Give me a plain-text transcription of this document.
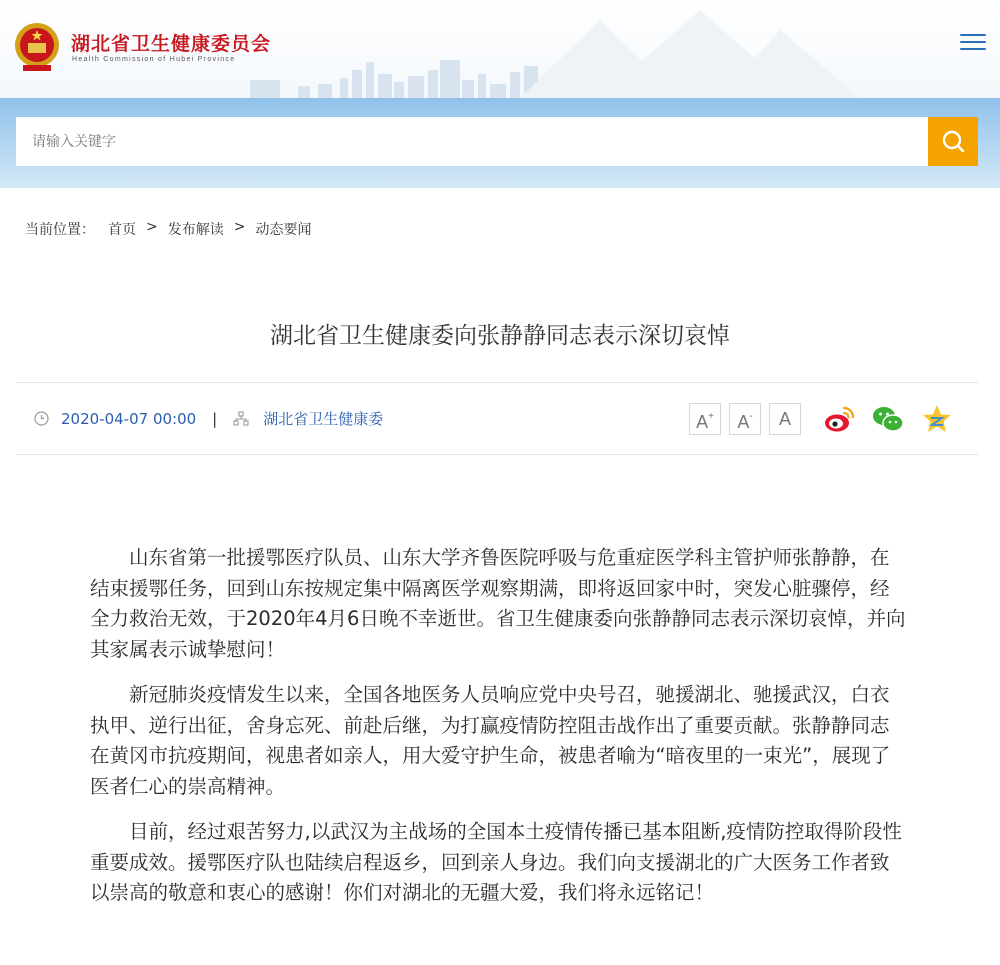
湖北省卫生健康委员会
Health Commission of Hubei Province
请输入关键字
当前位置： 首页 > 发布解读 > 动态要闻
湖北省卫生健康委向张静静同志表示深切哀悼
2020-04-07 00:00 |	湖北省卫生健康委	A+	A-	A

山东省第一批援鄂医疗队员、山东大学齐鲁医院呼吸与危重症医学科主管护师张静静，在结束援鄂任务，回到山东按规定集中隔离医学观察期满，即将返回家中时，突发心脏骤停，经全力救治无效，于2020年4月6日晚不幸逝世。省卫生健康委向张静静同志表示深切哀悼，并向其家属表示诚挚慰问！

新冠肺炎疫情发生以来，全国各地医务人员响应党中央号召，驰援湖北、驰援武汉，白衣执甲、逆行出征，舍身忘死、前赴后继，为打赢疫情防控阻击战作出了重要贡献。张静静同志在黄冈市抗疫期间，视患者如亲人，用大爱守护生命，被患者喻为“暗夜里的一束光”，展现了医者仁心的崇高精神。

目前，经过艰苦努力,以武汉为主战场的全国本土疫情传播已基本阻断,疫情防控取得阶段性重要成效。援鄂医疗队也陆续启程返乡，回到亲人身边。我们向支援湖北的广大医务工作者致以崇高的敬意和衷心的感谢！你们对湖北的无疆大爱，我们将永远铭记！
